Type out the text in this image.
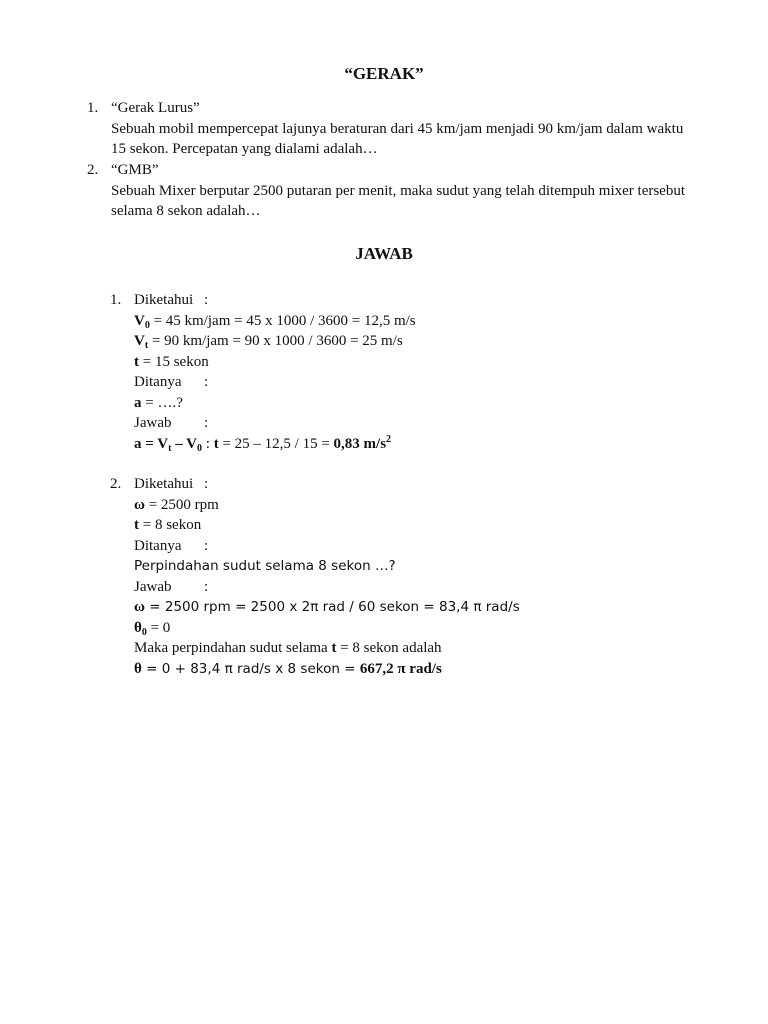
“GERAK”
1. “Gerak Lurus”
Sebuah mobil mempercepat lajunya beraturan dari 45 km/jam menjadi 90 km/jam dalam waktu
15 sekon. Percepatan yang dialami adalah…
2. “GMB”
Sebuah Mixer berputar 2500 putaran per menit, maka sudut yang telah ditempuh mixer tersebut
selama 8 sekon adalah…
JAWAB
1. Diketahui :
$V_0 = 45$ km/jam = 45 x 1000 / 3600 = 12,5 m/s
$V_t = 90$ km/jam = 90 x 1000 / 3600 = 25 m/s
t = 15 sekon
Ditanya :
a = ….?
Jawab :
$a = V_t - V_0$ : t = 25 – 12,5 / 15 = 0,83 $m/s^2$
2. Diketahui :
ω = 2500 rpm
t = 8 sekon
Ditanya :
Perpindahan sudut selama 8 sekon …?
Jawab :
ω = 2500 rpm = 2500 x 2π rad / 60 sekon = 83,4 π rad/s
$\theta_0 = 0$
Maka perpindahan sudut selama t = 8 sekon adalah
θ = 0 + 83,4 π rad/s x 8 sekon = 667,2 π rad/s
